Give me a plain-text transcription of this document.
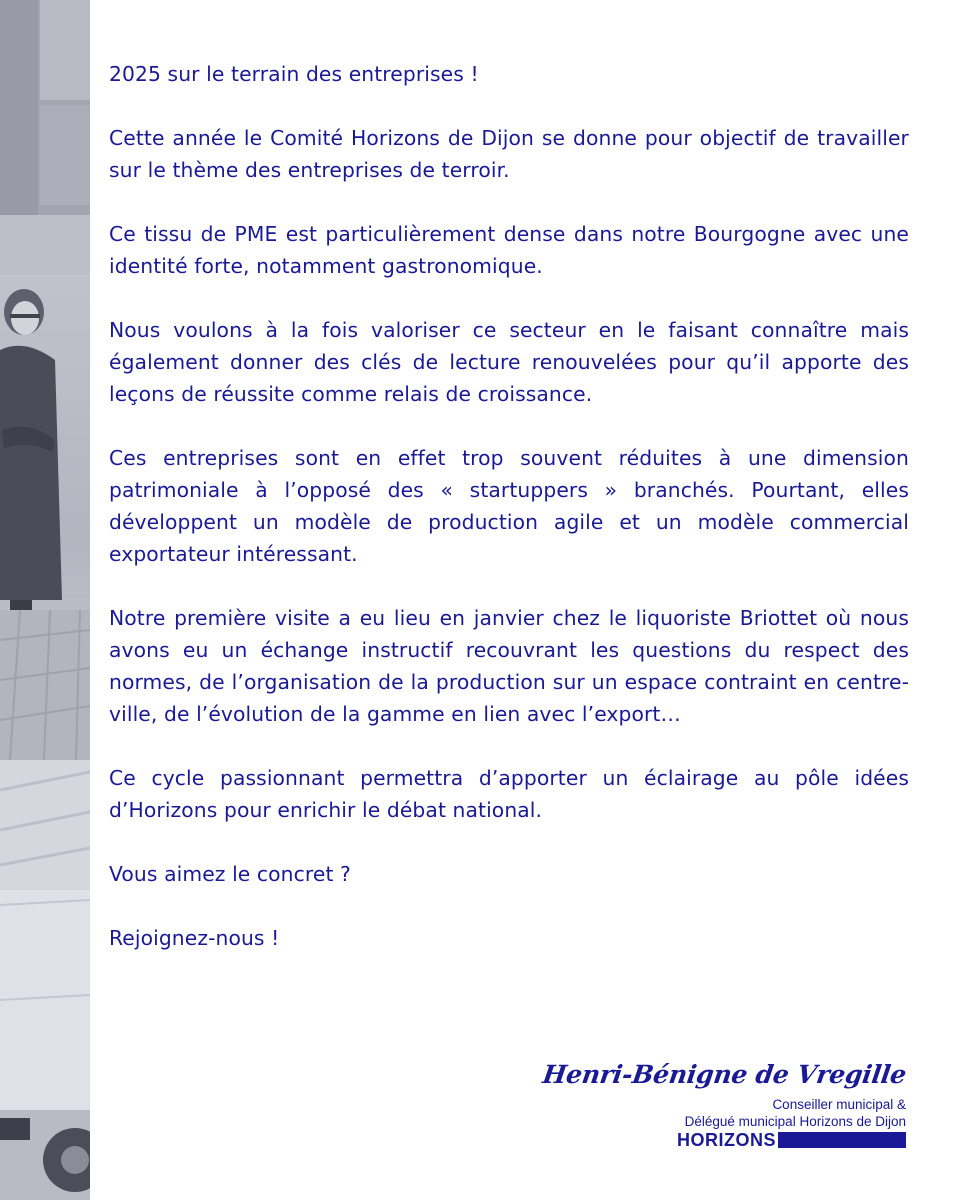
2025 sur le terrain des entreprises !

Cette année le Comité Horizons de Dijon se donne pour objectif de travailler sur le thème des entreprises de terroir.

Ce tissu de PME est particulièrement dense dans notre Bourgogne avec une identité forte, notamment gastronomique.

Nous voulons à la fois valoriser ce secteur en le faisant connaître mais également donner des clés de lecture renouvelées pour qu’il apporte des leçons de réussite comme relais de croissance.

Ces entreprises sont en effet trop souvent réduites à une dimension patrimoniale à l’opposé des « startuppers » branchés. Pourtant, elles développent un modèle de production agile et un modèle commercial exportateur intéressant.

Notre première visite a eu lieu en janvier chez le liquoriste Briottet où nous avons eu un échange instructif recouvrant les questions du respect des normes, de l’organisation de la production sur un espace contraint en centre-ville, de l’évolution de la gamme en lien avec l’export…

Ce cycle passionnant permettra d’apporter un éclairage au pôle idées d’Horizons pour enrichir le débat national.

Vous aimez le concret ?

Rejoignez-nous !

Henri-Bénigne de Vregille
Conseiller municipal &
Délégué municipal Horizons de Dijon
HORIZONS
